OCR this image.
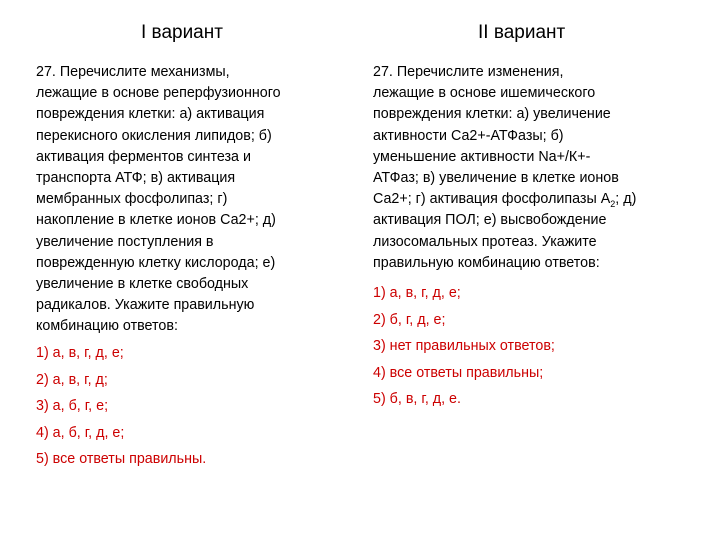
I вариант
27. Перечислите механизмы,
лежащие в основе реперфузионного
повреждения клетки: а) активация
перекисного окисления липидов; б)
активация ферментов синтеза и
транспорта АТФ; в) активация
мембранных фосфолипаз; г)
накопление в клетке ионов Са2+; д)
увеличение поступления в
поврежденную клетку кислорода; е)
увеличение в клетке свободных
радикалов. Укажите правильную
комбинацию ответов:
1) а, в, г, д, е;
2) а, в, г, д;
3) а, б, г, е;
4) а, б, г, д, е;
5) все ответы правильны.
II вариант
27. Перечислите изменения,
лежащие в основе ишемического
повреждения клетки: а) увеличение
активности Са2+-АТФазы; б)
уменьшение активности Na+/К+-
АТФаз; в) увеличение в клетке ионов
Са2+; г) активация фосфолипазы $А_2$; д)
активация ПОЛ; е) высвобождение
лизосомальных протеаз. Укажите
правильную комбинацию ответов:
1) а, в, г, д, е;
2) б, г, д, е;
3) нет правильных ответов;
4) все ответы правильны;
5) б, в, г, д, е.
